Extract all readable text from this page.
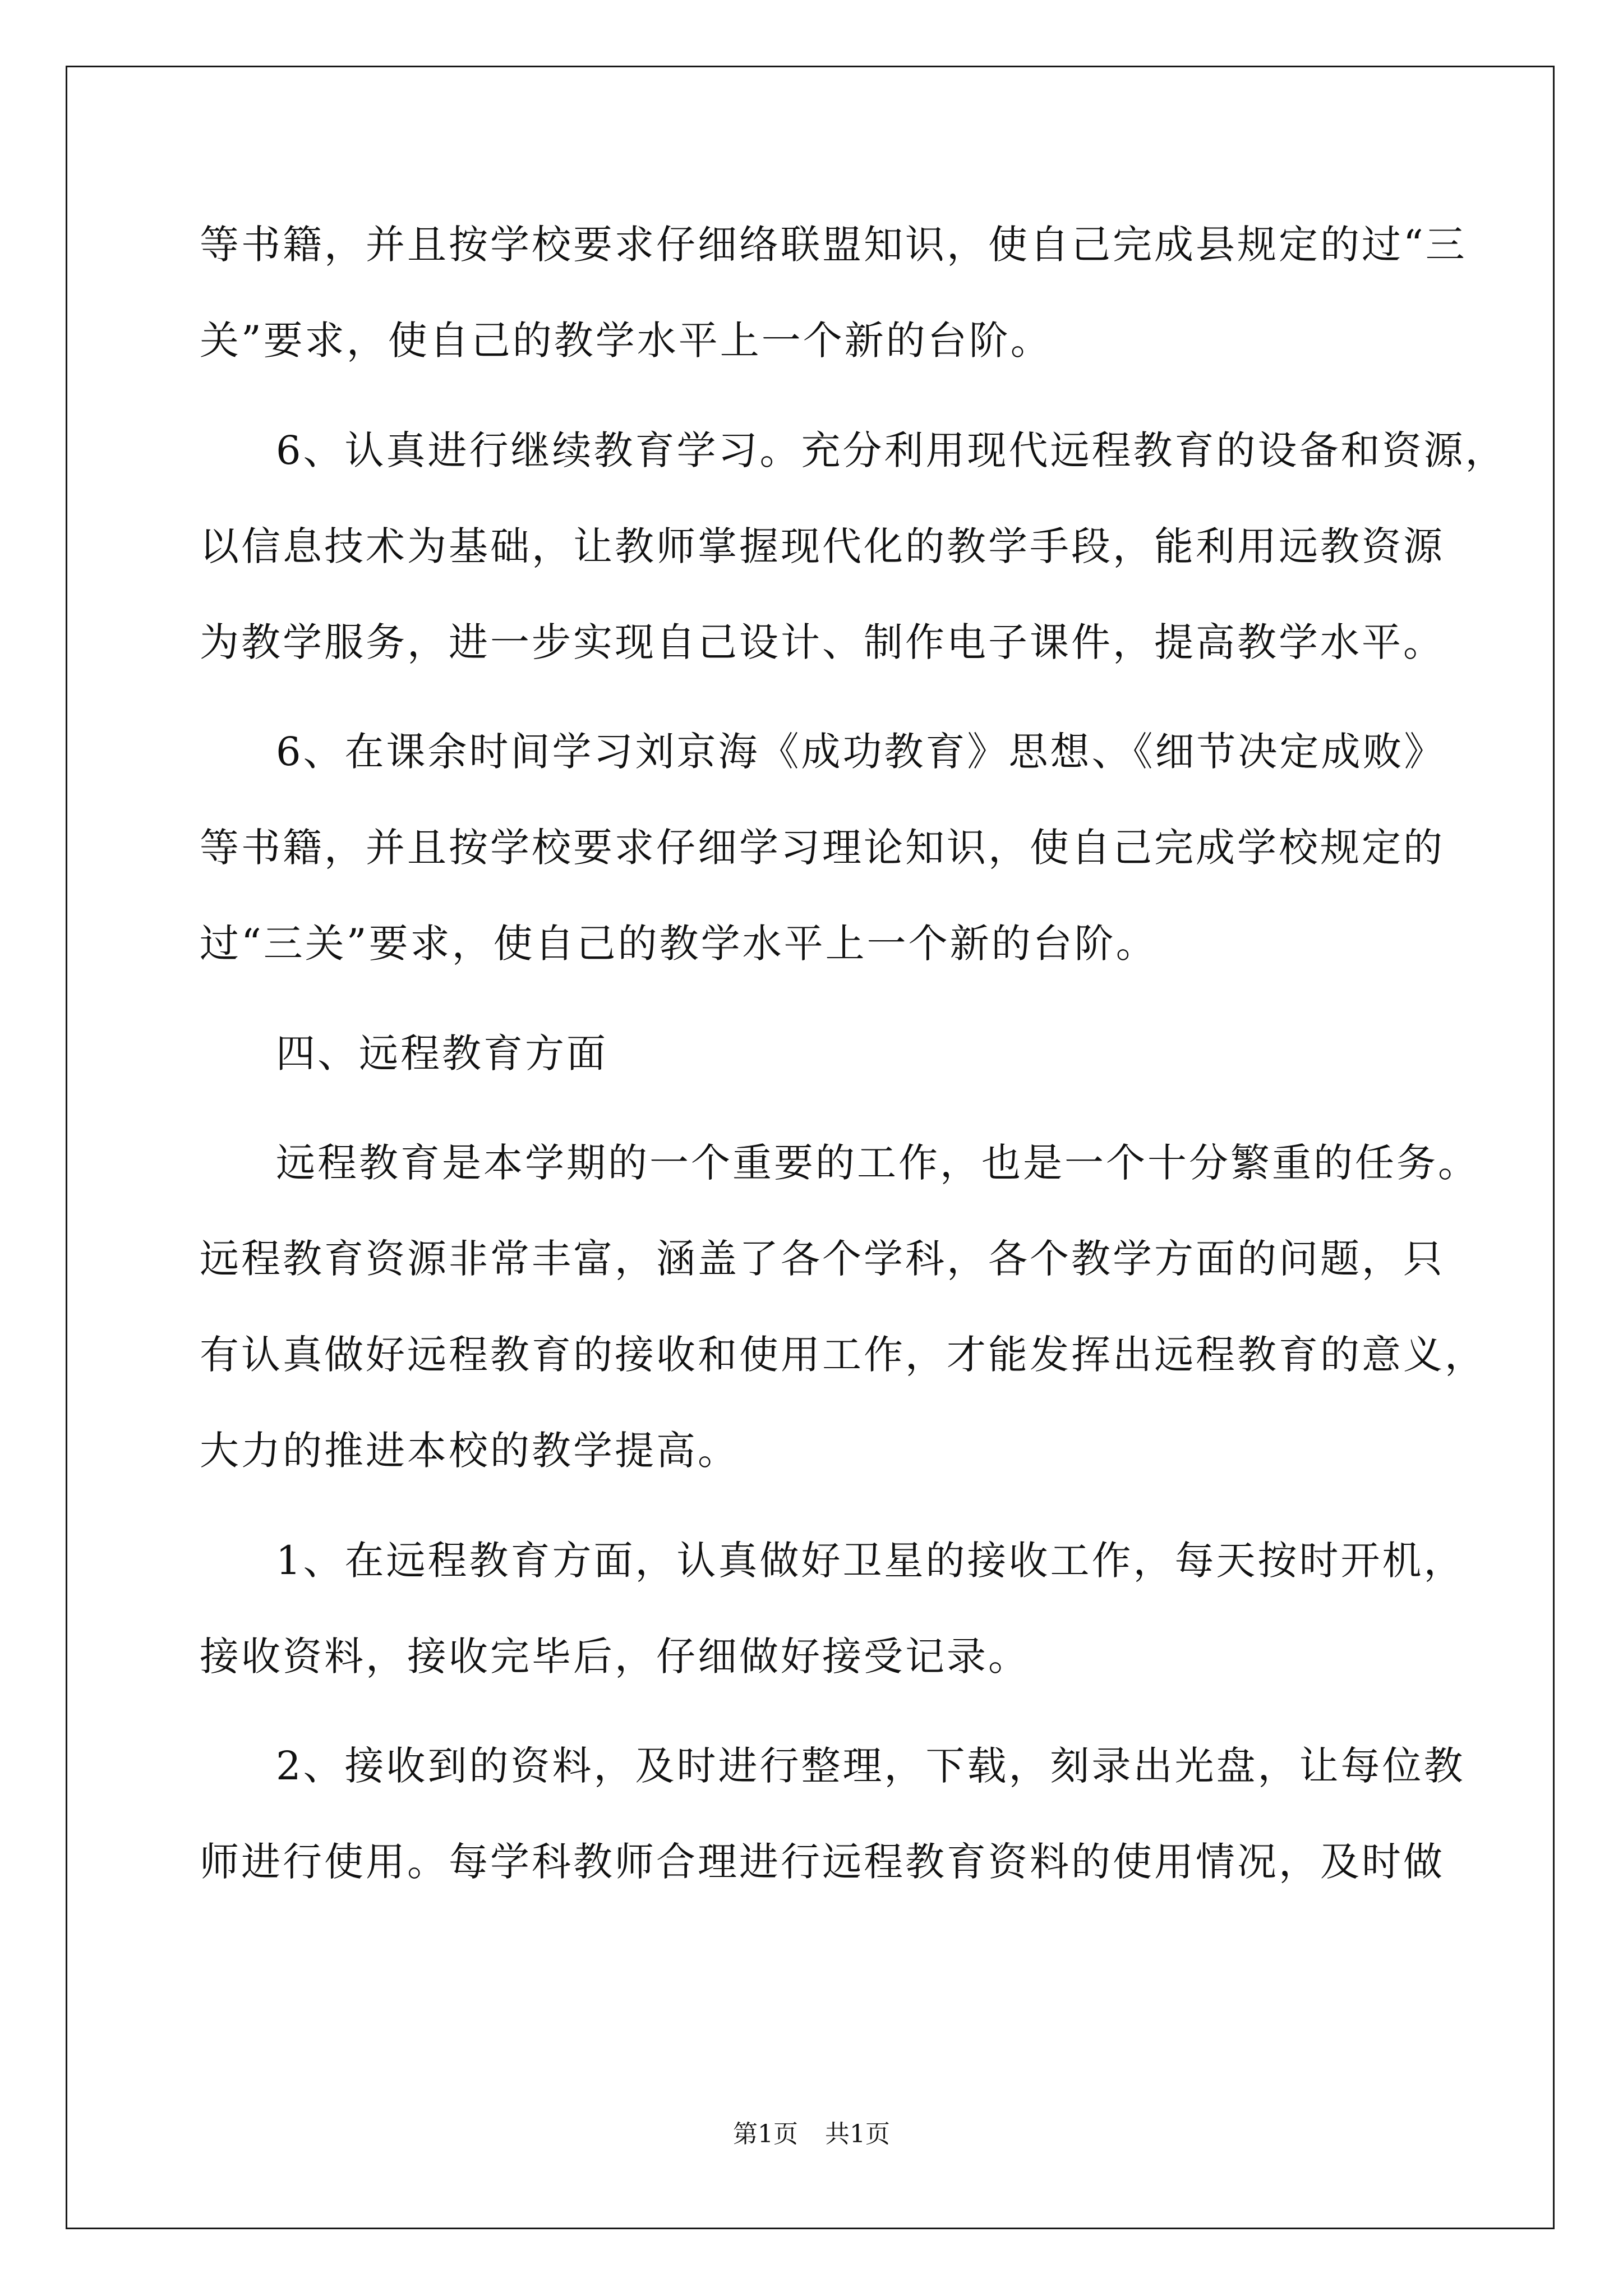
等书籍，并且按学校要求仔细络联盟知识，使自己完成县规定的过“三
关”要求，使自己的教学水平上一个新的台阶。
6、认真进行继续教育学习。充分利用现代远程教育的设备和资源，
以信息技术为基础，让教师掌握现代化的教学手段，能利用远教资源
为教学服务，进一步实现自己设计、制作电子课件，提高教学水平。
6、在课余时间学习刘京海《成功教育》思想、《细节决定成败》
等书籍，并且按学校要求仔细学习理论知识，使自己完成学校规定的
过“三关”要求，使自己的教学水平上一个新的台阶。
四、远程教育方面
远程教育是本学期的一个重要的工作，也是一个十分繁重的任务。
远程教育资源非常丰富，涵盖了各个学科，各个教学方面的问题，只
有认真做好远程教育的接收和使用工作，才能发挥出远程教育的意义，
大力的推进本校的教学提高。
1、在远程教育方面，认真做好卫星的接收工作，每天按时开机，
接收资料，接收完毕后，仔细做好接受记录。
2、接收到的资料，及时进行整理，下载，刻录出光盘，让每位教
师进行使用。每学科教师合理进行远程教育资料的使用情况，及时做
第1页 共1页
